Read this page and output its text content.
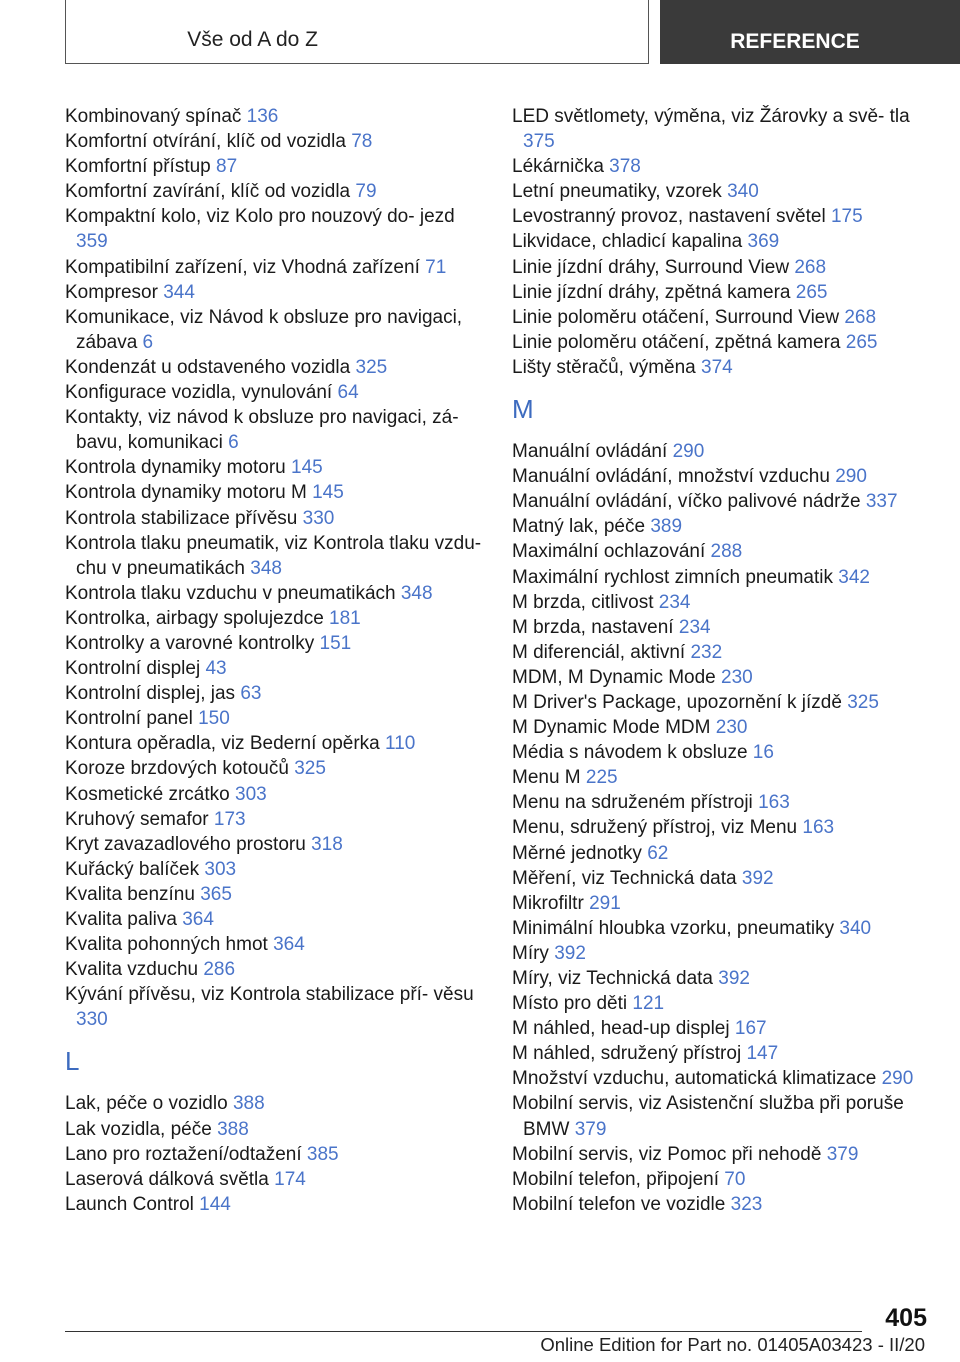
Vše od A do Z	REFERENCE
Kombinovaný spínač 136
Komfortní otvírání, klíč od vozidla 78
Komfortní přístup 87
Komfortní zavírání, klíč od vozidla 79
Kompaktní kolo, viz Kolo pro nouzový do- jezd 359
Kompatibilní zařízení, viz Vhodná zařízení 71
Kompresor 344
Komunikace, viz Návod k obsluze pro navigaci, zábava 6
Kondenzát u odstaveného vozidla 325
Konfigurace vozidla, vynulování 64
Kontakty, viz návod k obsluze pro navigaci, zá- bavu, komunikaci 6
Kontrola dynamiky motoru 145
Kontrola dynamiky motoru M 145
Kontrola stabilizace přívěsu 330
Kontrola tlaku pneumatik, viz Kontrola tlaku vzdu- chu v pneumatikách 348
Kontrola tlaku vzduchu v pneumatikách 348
Kontrolka, airbagy spolujezdce 181
Kontrolky a varovné kontrolky 151
Kontrolní displej 43
Kontrolní displej, jas 63
Kontrolní panel 150
Kontura opěradla, viz Bederní opěrka 110
Koroze brzdových kotoučů 325
Kosmetické zrcátko 303
Kruhový semafor 173
Kryt zavazadlového prostoru 318
Kuřácký balíček 303
Kvalita benzínu 365
Kvalita paliva 364
Kvalita pohonných hmot 364
Kvalita vzduchu 286
Kývání přívěsu, viz Kontrola stabilizace pří- věsu 330
L
Lak, péče o vozidlo 388
Lak vozidla, péče 388
Lano pro roztažení/odtažení 385
Laserová dálková světla 174
Launch Control 144
LED světlomety, výměna, viz Žárovky a svě- tla 375
Lékárnička 378
Letní pneumatiky, vzorek 340
Levostranný provoz, nastavení světel 175
Likvidace, chladicí kapalina 369
Linie jízdní dráhy, Surround View 268
Linie jízdní dráhy, zpětná kamera 265
Linie poloměru otáčení, Surround View 268
Linie poloměru otáčení, zpětná kamera 265
Lišty stěračů, výměna 374
M
Manuální ovládání 290
Manuální ovládání, množství vzduchu 290
Manuální ovládání, víčko palivové nádrže 337
Matný lak, péče 389
Maximální ochlazování 288
Maximální rychlost zimních pneumatik 342
M brzda, citlivost 234
M brzda, nastavení 234
M diferenciál, aktivní 232
MDM, M Dynamic Mode 230
M Driver's Package, upozornění k jízdě 325
M Dynamic Mode MDM 230
Média s návodem k obsluze 16
Menu M 225
Menu na sdruženém přístroji 163
Menu, sdružený přístroj, viz Menu 163
Měrné jednotky 62
Měření, viz Technická data 392
Mikrofiltr 291
Minimální hloubka vzorku, pneumatiky 340
Míry 392
Míry, viz Technická data 392
Místo pro děti 121
M náhled, head-up displej 167
M náhled, sdružený přístroj 147
Množství vzduchu, automatická klimatizace 290
Mobilní servis, viz Asistenční služba při poruše BMW 379
Mobilní servis, viz Pomoc při nehodě 379
Mobilní telefon, připojení 70
Mobilní telefon ve vozidle 323
405
Online Edition for Part no. 01405A03423 - II/20
